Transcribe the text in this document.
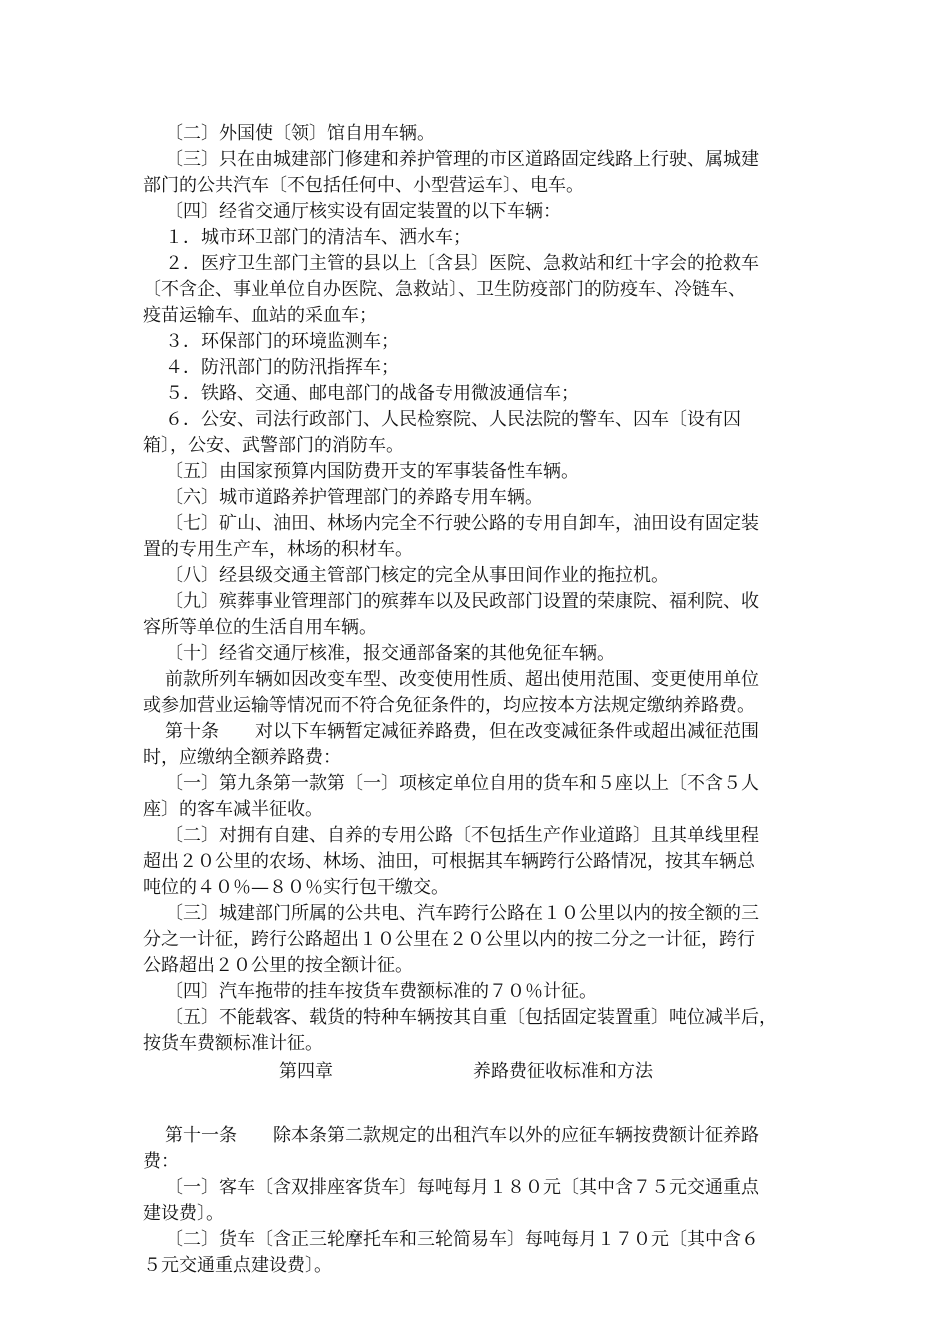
〔二〕外国使〔领〕馆自用车辆。
〔三〕只在由城建部门修建和养护管理的市区道路固定线路上行驶、属城建
部门的公共汽车〔不包括任何中、小型营运车〕、电车。
〔四〕经省交通厅核实设有固定装置的以下车辆：
１．城市环卫部门的清洁车、洒水车；
２．医疗卫生部门主管的县以上〔含县〕医院、急救站和红十字会的抢救车
〔不含企、事业单位自办医院、急救站〕、卫生防疫部门的防疫车、冷链车、
疫苗运输车、血站的采血车；
３．环保部门的环境监测车；
４．防汛部门的防汛指挥车；
５．铁路、交通、邮电部门的战备专用微波通信车；
６．公安、司法行政部门、人民检察院、人民法院的警车、囚车〔设有囚
箱〕，公安、武警部门的消防车。
〔五〕由国家预算内国防费开支的军事装备性车辆。
〔六〕城市道路养护管理部门的养路专用车辆。
〔七〕矿山、油田、林场内完全不行驶公路的专用自卸车，油田设有固定装
置的专用生产车，林场的积材车。
〔八〕经县级交通主管部门核定的完全从事田间作业的拖拉机。
〔九〕殡葬事业管理部门的殡葬车以及民政部门设置的荣康院、福利院、收
容所等单位的生活自用车辆。
〔十〕经省交通厅核准，报交通部备案的其他免征车辆。
前款所列车辆如因改变车型、改变使用性质、超出使用范围、变更使用单位
或参加营业运输等情况而不符合免征条件的，均应按本方法规定缴纳养路费。
第十条　　对以下车辆暂定减征养路费，但在改变减征条件或超出减征范围
时，应缴纳全额养路费：
〔一〕第九条第一款第〔一〕项核定单位自用的货车和５座以上〔不含５人
座〕的客车减半征收。
〔二〕对拥有自建、自养的专用公路〔不包括生产作业道路〕且其单线里程
超出２０公里的农场、林场、油田，可根据其车辆跨行公路情况，按其车辆总
吨位的４０％—８０％实行包干缴交。
〔三〕城建部门所属的公共电、汽车跨行公路在１０公里以内的按全额的三
分之一计征，跨行公路超出１０公里在２０公里以内的按二分之一计征，跨行
公路超出２０公里的按全额计征。
〔四〕汽车拖带的挂车按货车费额标准的７０％计征。
〔五〕不能载客、载货的特种车辆按其自重〔包括固定装置重〕吨位减半后，
按货车费额标准计征。
第四章	养路费征收标准和方法
第十一条　　除本条第二款规定的出租汽车以外的应征车辆按费额计征养路
费：
〔一〕客车〔含双排座客货车〕每吨每月１８０元〔其中含７５元交通重点
建设费〕。
〔二〕货车〔含正三轮摩托车和三轮简易车〕每吨每月１７０元〔其中含６
５元交通重点建设费〕。
